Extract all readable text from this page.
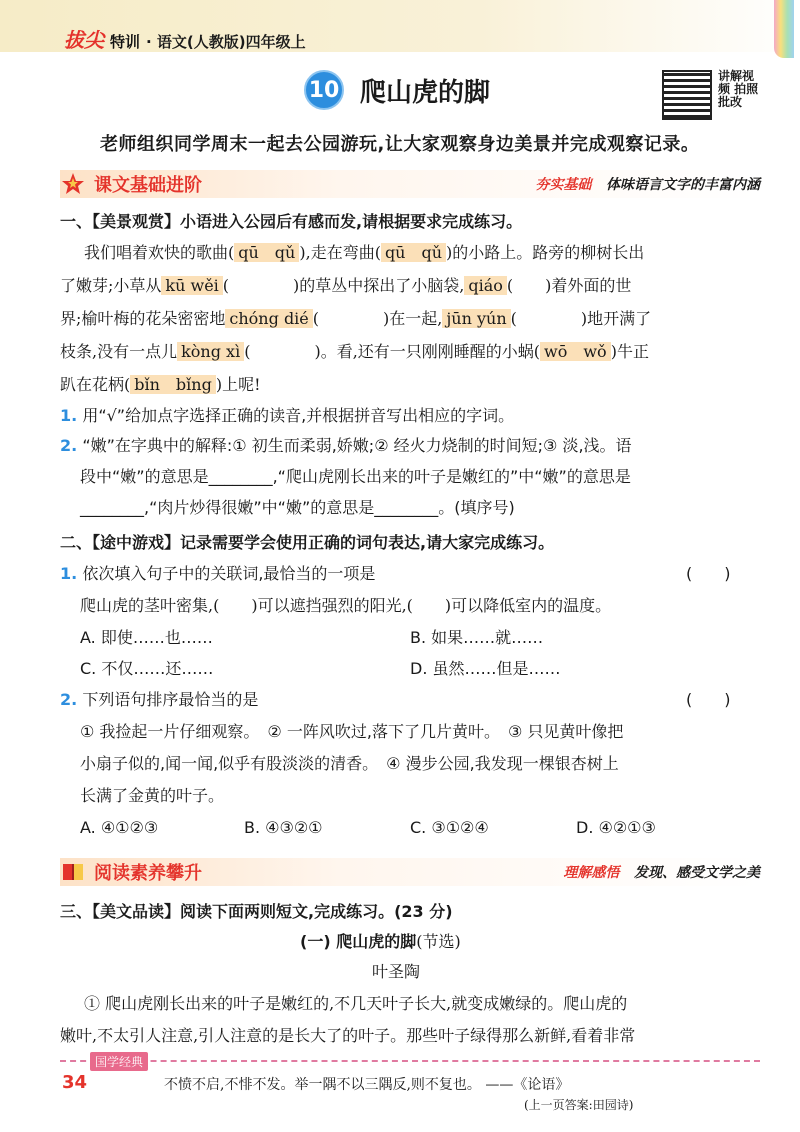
拔尖 特训 · 语文(人教版)四年级上
10 爬山虎的脚
讲解视频 拍照批改
老师组织同学周末一起去公园游玩,让大家观察身边美景并完成观察记录。
课文基础进阶	夯实基础 体味语言文字的丰富内涵
一、【美景观赏】小语进入公园后有感而发,请根据要求完成练习。
我们唱着欢快的歌曲( qū　qǔ ),走在弯曲( qū　qǔ )的小路上。路旁的柳树长出
了嫩芽;小草从 kū wěi (　　　　)的草丛中探出了小脑袋, qiáo (　　)着外面的世
界;榆叶梅的花朵密密地 chóng dié (　　　　)在一起, jūn yún (　　　　)地开满了
枝条,没有一点儿 kòng xì (　　　　)。看,还有一只刚刚睡醒的小蜗( wō　wǒ )牛正
趴在花柄( bǐn　bǐng )上呢!
1. 用“√”给加点字选择正确的读音,并根据拼音写出相应的字词。
2. “嫩”在字典中的解释:① 初生而柔弱,娇嫩;② 经火力烧制的时间短;③ 淡,浅。语
段中“嫩”的意思是________,“爬山虎刚长出来的叶子是嫩红的”中“嫩”的意思是
________,“肉片炒得很嫩”中“嫩”的意思是________。(填序号)
二、【途中游戏】记录需要学会使用正确的词句表达,请大家完成练习。
1. 依次填入句子中的关联词,最恰当的一项是	(　　)
爬山虎的茎叶密集,(　　)可以遮挡强烈的阳光,(　　)可以降低室内的温度。
A. 即使……也……	B. 如果……就……
C. 不仅……还……	D. 虽然……但是……
2. 下列语句排序最恰当的是	(　　)
① 我捡起一片仔细观察。　② 一阵风吹过,落下了几片黄叶。　③ 只见黄叶像把
小扇子似的,闻一闻,似乎有股淡淡的清香。　④ 漫步公园,我发现一棵银杏树上
长满了金黄的叶子。
A. ④①②③	B. ④③②①	C. ③①②④	D. ④②①③
阅读素养攀升	理解感悟 发现、感受文学之美
三、【美文品读】阅读下面两则短文,完成练习。(23 分)
(一) 爬山虎的脚(节选)
叶圣陶
① 爬山虎刚长出来的叶子是嫩红的,不几天叶子长大,就变成嫩绿的。爬山虎的
嫩叶,不太引人注意,引人注意的是长大了的叶子。那些叶子绿得那么新鲜,看着非常
国学经典
34	不愤不启,不悱不发。举一隅不以三隅反,则不复也。 ——《论语》
(上一页答案:田园诗)
